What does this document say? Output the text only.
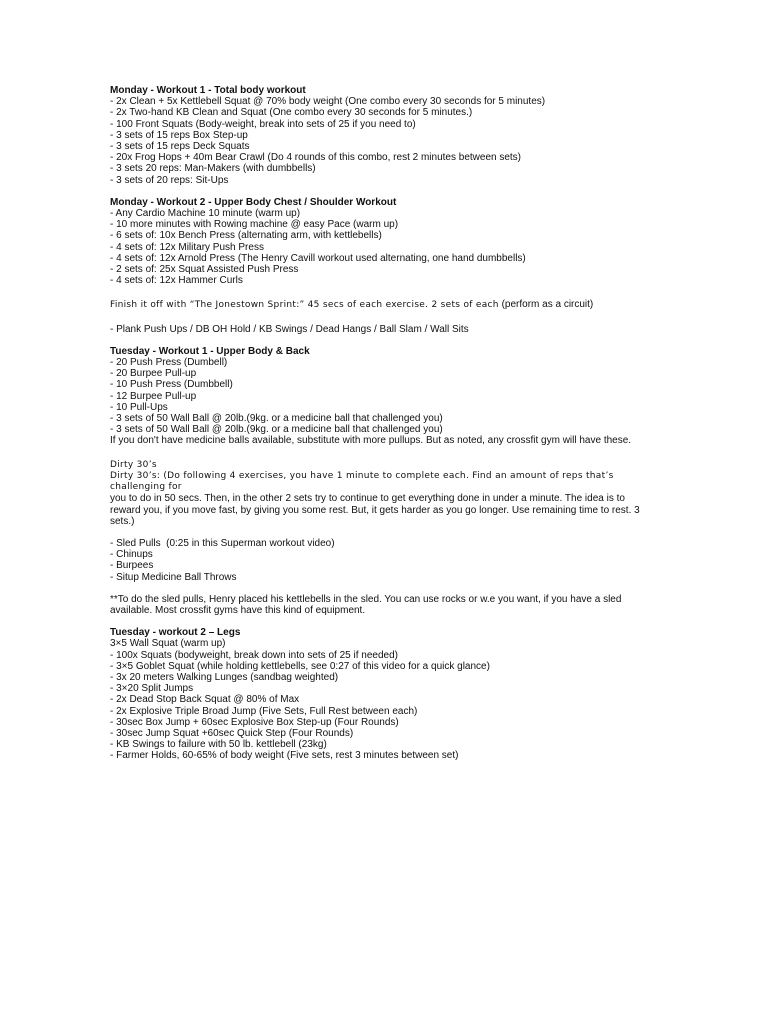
Monday - Workout 1 - Total body workout
- 2x Clean + 5x Kettlebell Squat @ 70% body weight (One combo every 30 seconds for 5 minutes)
- 2x Two-hand KB Clean and Squat (One combo every 30 seconds for 5 minutes.)
- 100 Front Squats (Body-weight, break into sets of 25 if you need to)
- 3 sets of 15 reps Box Step-up
- 3 sets of 15 reps Deck Squats
- 20x Frog Hops + 40m Bear Crawl (Do 4 rounds of this combo, rest 2 minutes between sets)
- 3 sets 20 reps: Man-Makers (with dumbbells)
- 3 sets of 20 reps: Sit-Ups
Monday - Workout 2 - Upper Body Chest / Shoulder Workout
- Any Cardio Machine 10 minute (warm up)
- 10 more minutes with Rowing machine @ easy Pace (warm up)
- 6 sets of: 10x Bench Press (alternating arm, with kettlebells)
- 4 sets of: 12x Military Push Press
- 4 sets of: 12x Arnold Press (The Henry Cavill workout used alternating, one hand dumbbells)
- 2 sets of: 25x Squat Assisted Push Press
- 4 sets of: 12x Hammer Curls
Finish it off with “The Jonestown Sprint:” 45 secs of each exercise. 2 sets of each (perform as a circuit)
- Plank Push Ups / DB OH Hold / KB Swings / Dead Hangs / Ball Slam / Wall Sits
Tuesday - Workout 1 - Upper Body & Back
- 20 Push Press (Dumbell)
- 20 Burpee Pull-up
- 10 Push Press (Dumbbell)
- 12 Burpee Pull-up
- 10 Pull-Ups
- 3 sets of 50 Wall Ball @ 20lb.(9kg. or a medicine ball that challenged you)
- 3 sets of 50 Wall Ball @ 20lb.(9kg. or a medicine ball that challenged you)
If you don't have medicine balls available, substitute with more pullups. But as noted, any crossfit gym will have these.
Dirty 30’s
Dirty 30’s: (Do following 4 exercises, you have 1 minute to complete each. Find an amount of reps that’s challenging for
you to do in 50 secs. Then, in the other 2 sets try to continue to get everything done in under a minute. The idea is to
reward you, if you move fast, by giving you some rest. But, it gets harder as you go longer. Use remaining time to rest. 3
sets.)
- Sled Pulls  (0:25 in this Superman workout video)
- Chinups
- Burpees
- Situp Medicine Ball Throws
**To do the sled pulls, Henry placed his kettlebells in the sled. You can use rocks or w.e you want, if you have a sled
available. Most crossfit gyms have this kind of equipment.
Tuesday - workout 2 – Legs
3×5 Wall Squat (warm up)
- 100x Squats (bodyweight, break down into sets of 25 if needed)
- 3×5 Goblet Squat (while holding kettlebells, see 0:27 of this video for a quick glance)
- 3x 20 meters Walking Lunges (sandbag weighted)
- 3×20 Split Jumps
- 2x Dead Stop Back Squat @ 80% of Max
- 2x Explosive Triple Broad Jump (Five Sets, Full Rest between each)
- 30sec Box Jump + 60sec Explosive Box Step-up (Four Rounds)
- 30sec Jump Squat +60sec Quick Step (Four Rounds)
- KB Swings to failure with 50 lb. kettlebell (23kg)
- Farmer Holds, 60-65% of body weight (Five sets, rest 3 minutes between set)
